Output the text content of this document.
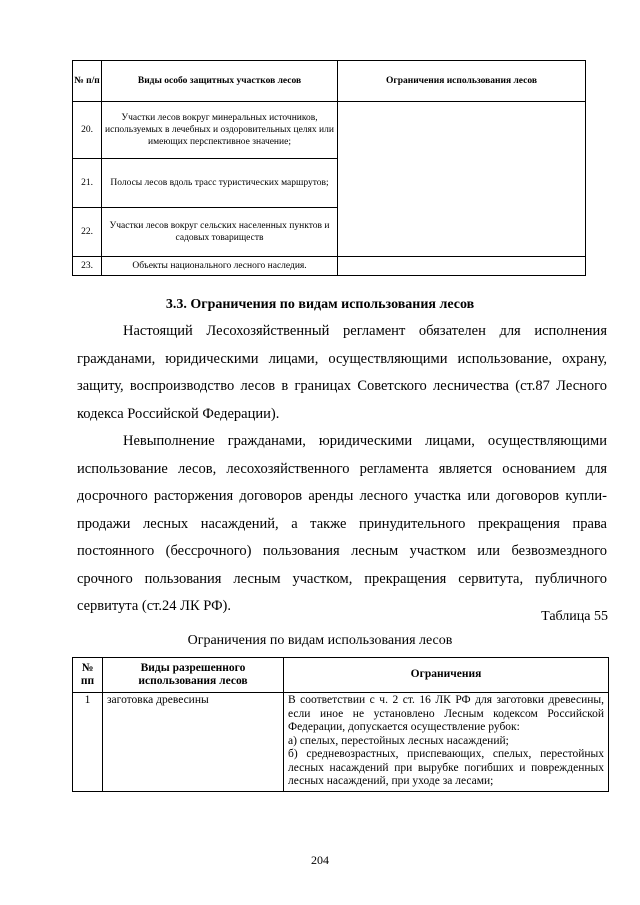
№ п/п	Виды особо защитных участков лесов	Ограничения использования лесов
20.	Участки лесов вокруг минеральных источников, используемых в лечебных и оздоровительных целях или имеющих перспективное значение;	
21.	Полосы лесов вдоль трасс туристических маршрутов;	
22.	Участки лесов вокруг сельских населенных пунктов и садовых товариществ	
23.	Объекты национального лесного наследия.	
3.3. Ограничения по видам использования лесов

Настоящий Лесохозяйственный регламент обязателен для исполнения гражданами, юридическими лицами, осуществляющими использование, охрану, защиту, воспроизводство лесов в границах Советского лесничества (ст.87 Лесного кодекса Российской Федерации).

Невыполнение гражданами, юридическими лицами, осуществляющими использование лесов, лесохозяйственного регламента является основанием для досрочного расторжения договоров аренды лесного участка или договоров купли-продажи лесных насаждений, а также принудительного прекращения права постоянного (бессрочного) пользования лесным участком или безвозмездного срочного пользования лесным участком, прекращения сервитута, публичного сервитута (ст.24 ЛК РФ).

Таблица 55
Ограничения по видам использования лесов
№ пп	Виды разрешенного использования лесов	Ограничения
1	заготовка древесины	В соответствии с ч. 2 ст. 16 ЛК РФ для заготовки древесины, если иное не установлено Лесным кодексом Российской Федерации, допускается осуществление рубок:
а) спелых, перестойных лесных насаждений;
б) средневозрастных, приспевающих, спелых, перестойных лесных насаждений при вырубке погибших и поврежденных лесных насаждений, при уходе за лесами;
204
